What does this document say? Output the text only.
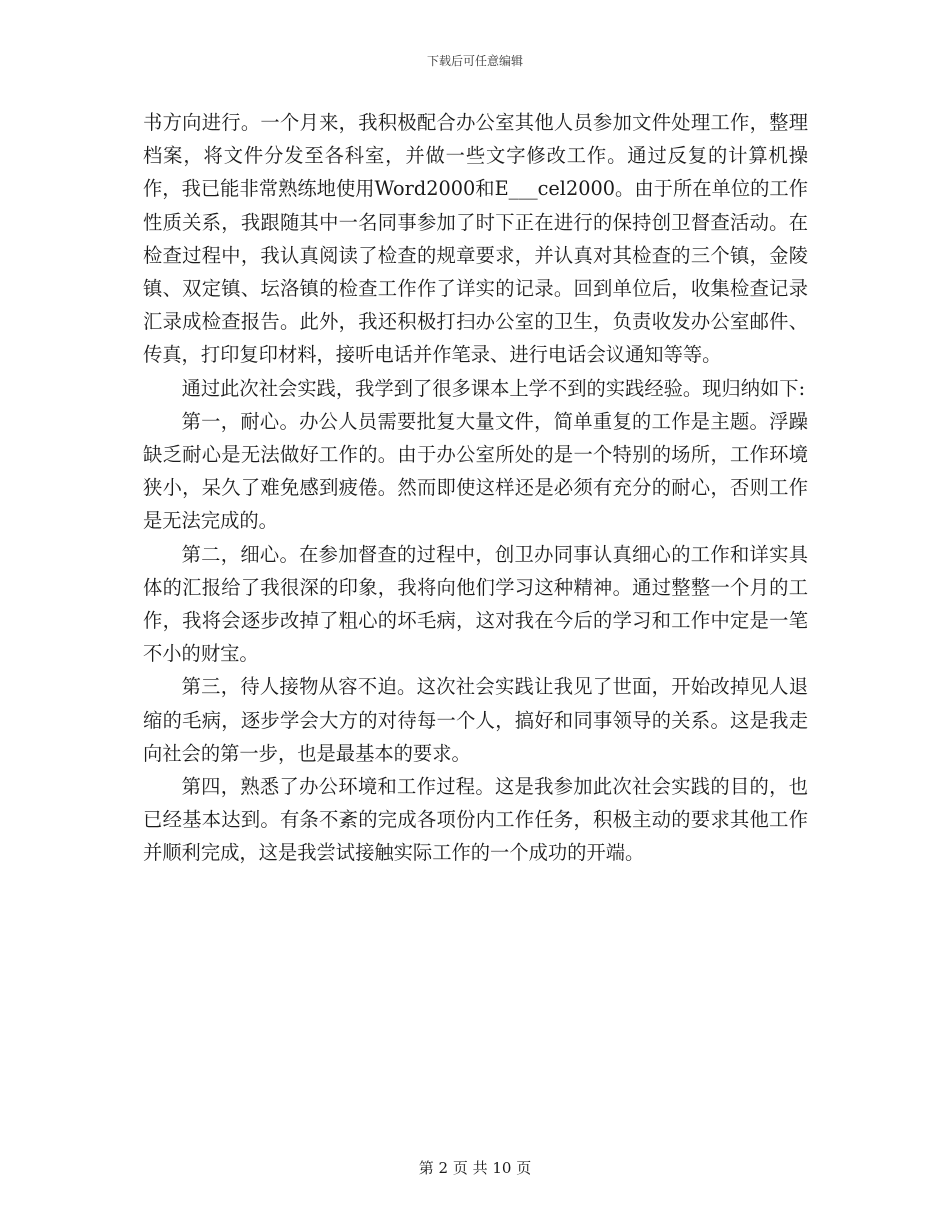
下载后可任意编辑

书方向进行。一个月来，我积极配合办公室其他人员参加文件处理工作，整理档案，将文件分发至各科室，并做一些文字修改工作。通过反复的计算机操作，我已能非常熟练地使用Word2000和E___cel2000。由于所在单位的工作性质关系，我跟随其中一名同事参加了时下正在进行的保持创卫督查活动。在检查过程中，我认真阅读了检查的规章要求，并认真对其检查的三个镇，金陵镇、双定镇、坛洛镇的检查工作作了详实的记录。回到单位后，收集检查记录汇录成检查报告。此外，我还积极打扫办公室的卫生，负责收发办公室邮件、传真，打印复印材料，接听电话并作笔录、进行电话会议通知等等。

通过此次社会实践，我学到了很多课本上学不到的实践经验。现归纳如下:

第一，耐心。办公人员需要批复大量文件，简单重复的工作是主题。浮躁缺乏耐心是无法做好工作的。由于办公室所处的是一个特别的场所，工作环境狭小，呆久了难免感到疲倦。然而即使这样还是必须有充分的耐心，否则工作是无法完成的。

第二，细心。在参加督查的过程中，创卫办同事认真细心的工作和详实具体的汇报给了我很深的印象，我将向他们学习这种精神。通过整整一个月的工作，我将会逐步改掉了粗心的坏毛病，这对我在今后的学习和工作中定是一笔不小的财宝。

第三，待人接物从容不迫。这次社会实践让我见了世面，开始改掉见人退缩的毛病，逐步学会大方的对待每一个人，搞好和同事领导的关系。这是我走向社会的第一步，也是最基本的要求。

第四，熟悉了办公环境和工作过程。这是我参加此次社会实践的目的，也已经基本达到。有条不紊的完成各项份内工作任务，积极主动的要求其他工作并顺利完成，这是我尝试接触实际工作的一个成功的开端。

第 2 页 共 10 页
